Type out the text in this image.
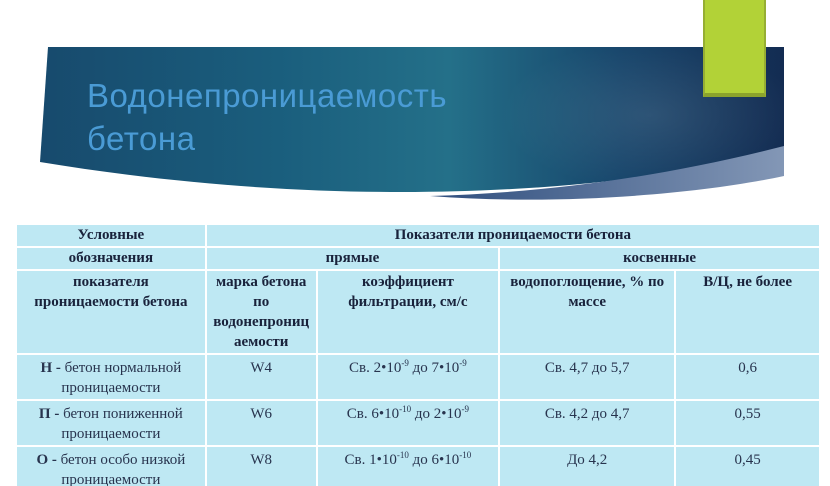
Водонепроницаемость
бетона
Условные	Показатели проницаемости бетона			
обозначения	прямые		косвенные	
показателя проницаемости бетона	марка бетона по водонепрониц аемости	коэффициент фильтрации, см/с	водопоглощение, % по массе	В/Ц, не более
Н - бетон нормальной проницаемости	W4	Св. $2•10^{-9}$ до $7•10^{-9}$	Св. 4,7 до 5,7	0,6
П - бетон пониженной проницаемости	W6	Св. $6•10^{-10}$ до $2•10^{-9}$	Св. 4,2 до 4,7	0,55
О - бетон особо низкой проницаемости	W8	Св. $1•10^{-10}$ до $6•10^{-10}$	До 4,2	0,45
